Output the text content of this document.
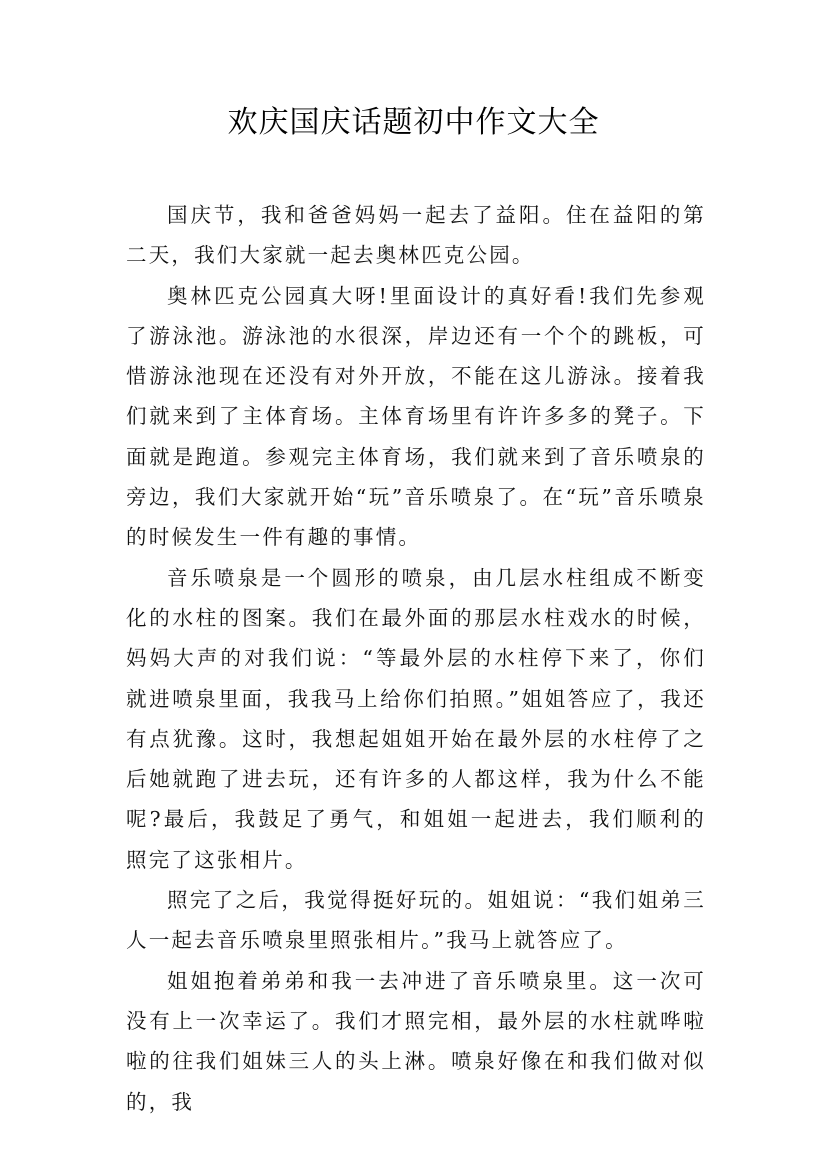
欢庆国庆话题初中作文大全

国庆节，我和爸爸妈妈一起去了益阳。住在益阳的第二天，我们大家就一起去奥林匹克公园。

奥林匹克公园真大呀!里面设计的真好看!我们先参观了游泳池。游泳池的水很深，岸边还有一个个的跳板，可惜游泳池现在还没有对外开放，不能在这儿游泳。接着我们就来到了主体育场。主体育场里有许许多多的凳子。下面就是跑道。参观完主体育场，我们就来到了音乐喷泉的旁边，我们大家就开始“玩”音乐喷泉了。在“玩”音乐喷泉的时候发生一件有趣的事情。

音乐喷泉是一个圆形的喷泉，由几层水柱组成不断变化的水柱的图案。我们在最外面的那层水柱戏水的时候，妈妈大声的对我们说：“等最外层的水柱停下来了，你们就进喷泉里面，我我马上给你们拍照。”姐姐答应了，我还有点犹豫。这时，我想起姐姐开始在最外层的水柱停了之后她就跑了进去玩，还有许多的人都这样，我为什么不能呢?最后，我鼓足了勇气，和姐姐一起进去，我们顺利的照完了这张相片。

照完了之后，我觉得挺好玩的。姐姐说：“我们姐弟三人一起去音乐喷泉里照张相片。”我马上就答应了。

姐姐抱着弟弟和我一去冲进了音乐喷泉里。这一次可没有上一次幸运了。我们才照完相，最外层的水柱就哗啦啦的往我们姐妹三人的头上淋。喷泉好像在和我们做对似的，我
